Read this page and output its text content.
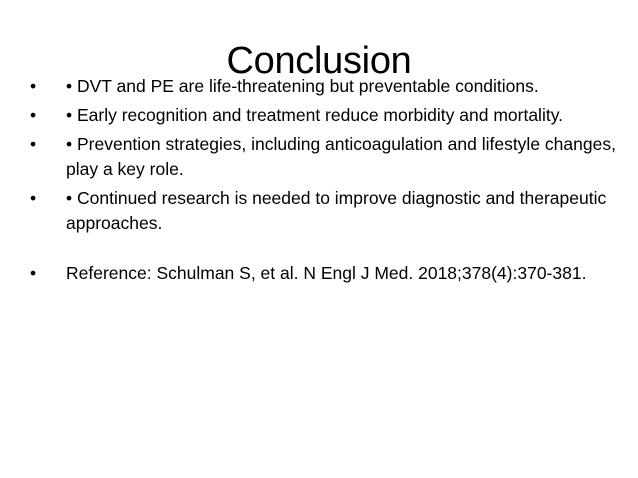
•	• DVT and PE are life-threatening but preventable conditions.
•	• Early recognition and treatment reduce morbidity and mortality.
•	• Prevention strategies, including anticoagulation and lifestyle changes, play a key role.
•	• Continued research is needed to improve diagnostic and therapeutic approaches.
•	Reference: Schulman S, et al. N Engl J Med. 2018;378(4):370-381.
Conclusion
